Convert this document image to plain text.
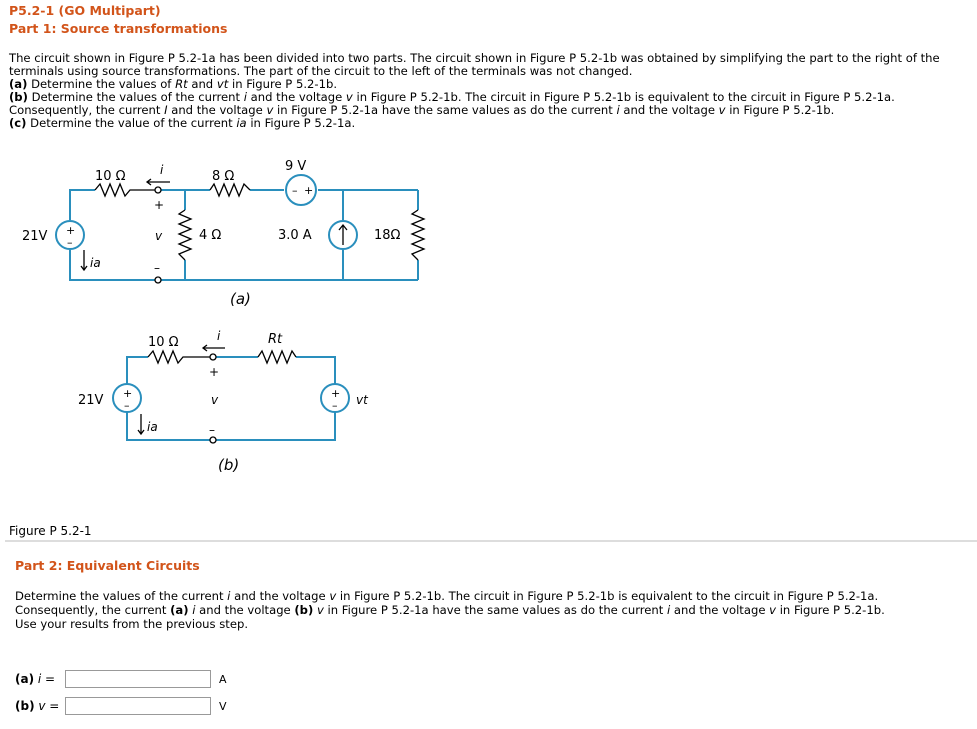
P5.2-1 (GO Multipart)
Part 1: Source transformations

The circuit shown in Figure P 5.2-1a has been divided into two parts. The circuit shown in Figure P 5.2-1b was obtained by simplifying the part to the right of the terminals using source transformations. The part of the circuit to the left of the terminals was not changed.

(a) Determine the values of Rt and vt in Figure P 5.2-1b.

(b) Determine the values of the current i and the voltage v in Figure P 5.2-1b. The circuit in Figure P 5.2-1b is equivalent to the circuit in Figure P 5.2-1a.
Consequently, the current I and the voltage v in Figure P 5.2-1a have the same values as do the current i and the voltage v in Figure P 5.2-1b.

(c) Determine the value of the current ia in Figure P 5.2-1a.

10 Ω	i	8 Ω
9 V
– +
21V +
–
ia
+
v
–
4 Ω	3.0 A	18Ω
(a)
10 Ω	i	Rt
21V +
–
+
–
ia
+
v
–
vt
(b)
Figure P 5.2-1
Part 2: Equivalent Circuits
Determine the values of the current i and the voltage v in Figure P 5.2-1b. The circuit in Figure P 5.2-1b is equivalent to the circuit in Figure P 5.2-1a.
Consequently, the current (a) i and the voltage (b) v in Figure P 5.2-1a have the same values as do the current i and the voltage v in Figure P 5.2-1b.
Use your results from the previous step.
(a) i =	A
(b) v =	V
